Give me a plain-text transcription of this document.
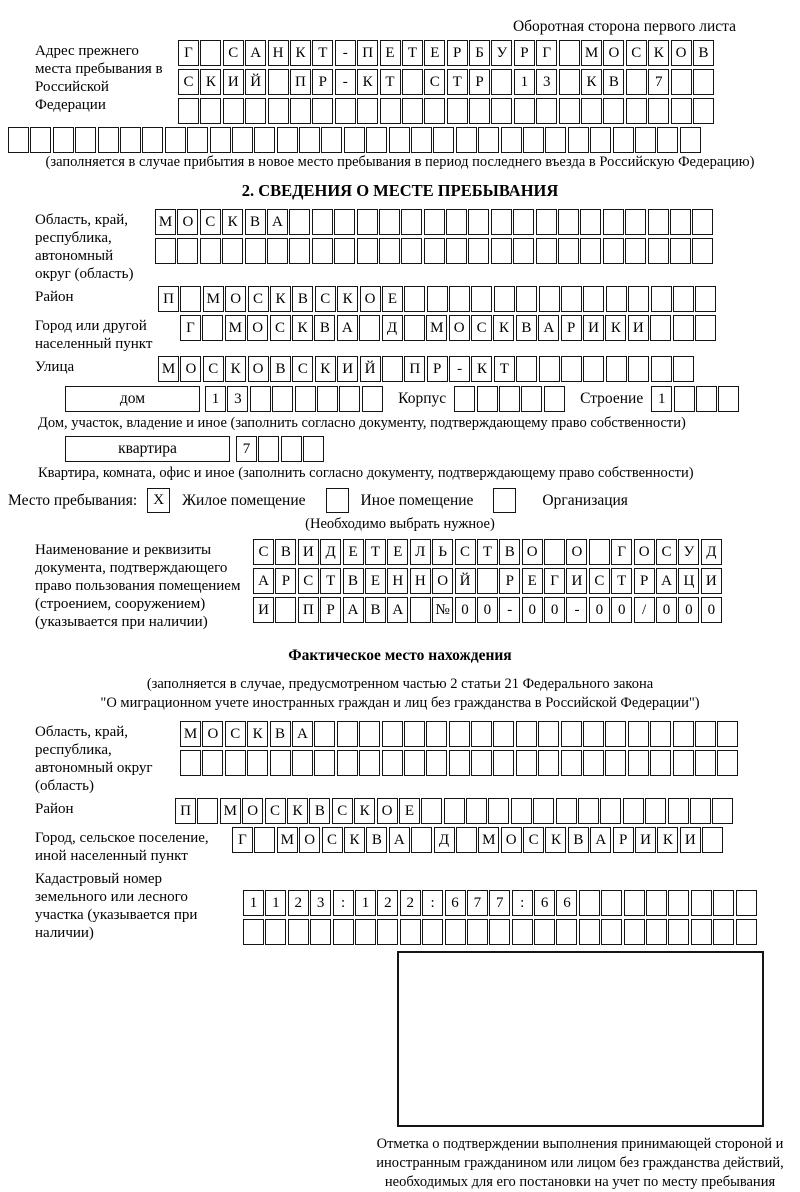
Оборотная сторона первого листа
Адрес прежнего места пребывания в Российской Федерации
Г	С А Н К Т	- П Е Т Е Р Б У Р Г	М О С К О В
С К И Й	П Р	- К Т	С Т Р	1 3	К В	7
(заполняется в случае прибытия в новое место пребывания в период последнего въезда в Российскую Федерацию)
2. СВЕДЕНИЯ О МЕСТЕ ПРЕБЫВАНИЯ
Область, край, республика, автономный округ (область)
М О С К В А
Район	П	М О С К В С К О Е
Город или другой населенный пункт
Г	М О С К В А	Д	М О С К В А Р И К И
Улица	М О С К О В С К И Й	П Р	- К Т
дом	1 3	Корпус	Строение 1
Дом, участок, владение и иное (заполнить согласно документу, подтверждающему право собственности)
квартира	7
Квартира, комната, офис и иное (заполнить согласно документу, подтверждающему право собственности)
Место пребывания:	X	Жилое помещение	Иное помещение	Организация
(Необходимо выбрать нужное)
Наименование и реквизиты документа, подтверждающего право пользования помещением (строением, сооружением) (указывается при наличии)
С В И Д Е Т Е Л Ь С Т В О	О	Г О С У Д
А Р С Т В Е Н Н О Й	Р Е Г И С Т Р А Ц И
И	П Р А В А	№ 0 0	-	0 0	-	0 0	/	0 0 0
Фактическое место нахождения
(заполняется в случае, предусмотренном частью 2 статьи 21 Федерального закона
"О миграционном учете иностранных граждан и лиц без гражданства в Российской Федерации")
Область, край, республика, автономный округ (область)
М О С К В А
Район	П	М О С К В С К О Е
Город, сельское поселение, иной населенный пункт
Г	М О С К В А	Д	М О С К В А Р И К И
Кадастровый номер земельного или лесного участка (указывается при наличии)
1 1 2 3	:	1 2 2	:	6 7 7	:	6 6
Отметка о подтверждении выполнения принимающей стороной и иностранным гражданином или лицом без гражданства действий, необходимых для его постановки на учет по месту пребывания
